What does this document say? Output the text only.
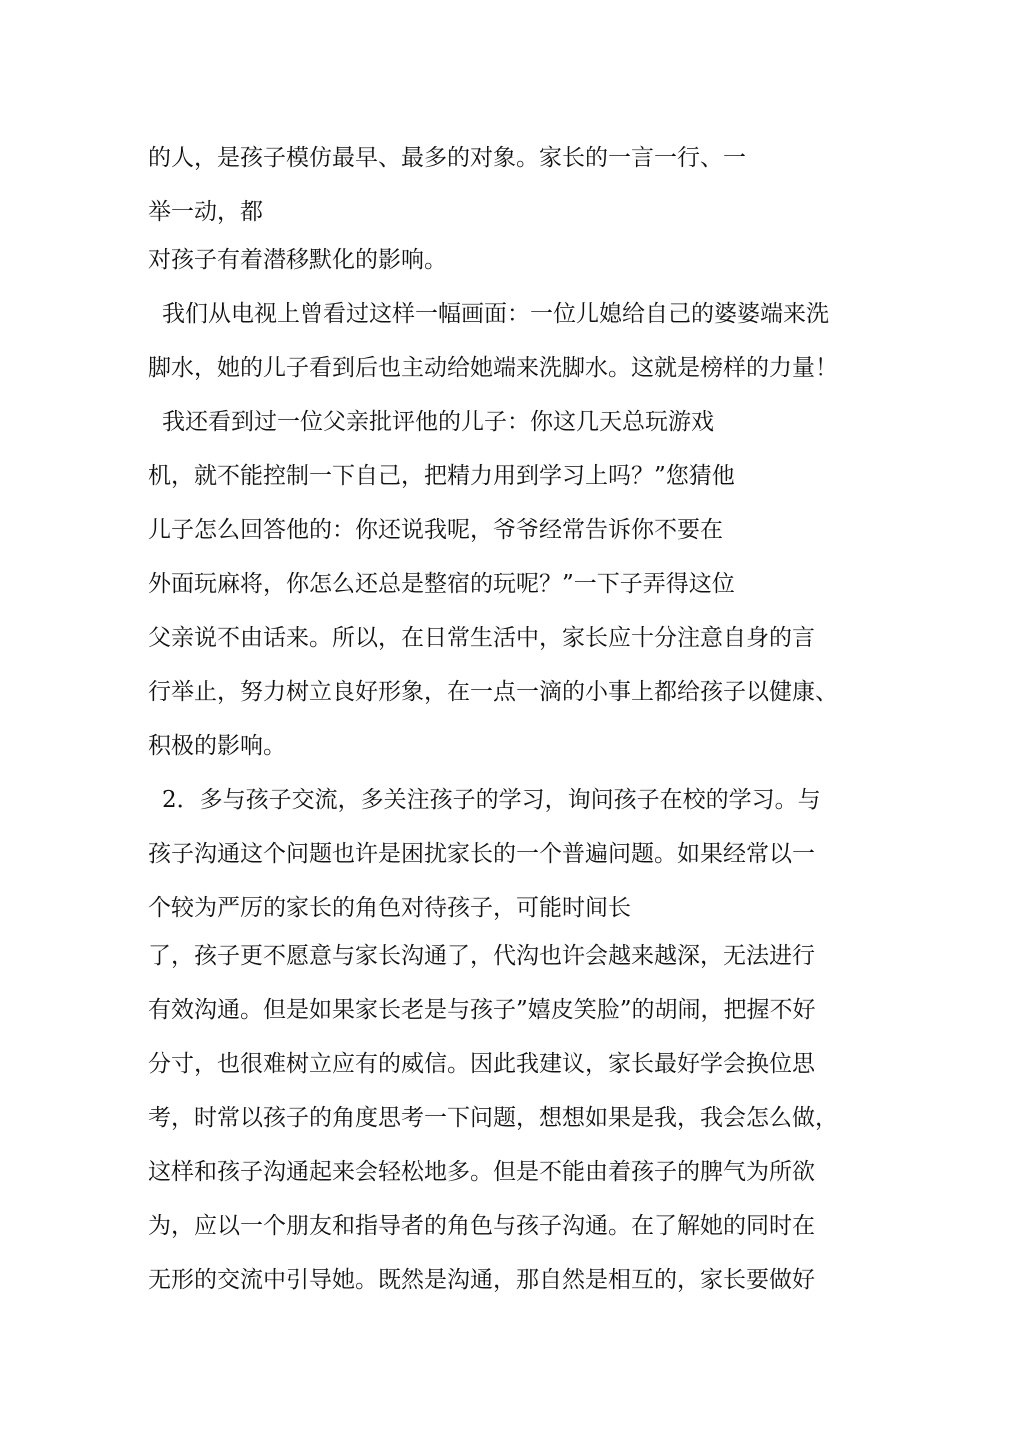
的人，是孩子模仿最早、最多的对象。家长的一言一行、一
举一动，都
对孩子有着潜移默化的影响。
我们从电视上曾看过这样一幅画面：一位儿媳给自己的婆婆端来洗
脚水，她的儿子看到后也主动给她端来洗脚水。这就是榜样的力量！
我还看到过一位父亲批评他的儿子：你这几天总玩游戏
机，就不能控制一下自己，把精力用到学习上吗？”您猜他
儿子怎么回答他的：你还说我呢，爷爷经常告诉你不要在
外面玩麻将，你怎么还总是整宿的玩呢？”一下子弄得这位
父亲说不由话来。所以，在日常生活中，家长应十分注意自身的言
行举止，努力树立良好形象，在一点一滴的小事上都给孩子以健康、
积极的影响。
2．多与孩子交流，多关注孩子的学习，询问孩子在校的学习。与
孩子沟通这个问题也许是困扰家长的一个普遍问题。如果经常以一
个较为严厉的家长的角色对待孩子，可能时间长
了，孩子更不愿意与家长沟通了，代沟也许会越来越深，无法进行
有效沟通。但是如果家长老是与孩子”嬉皮笑脸”的胡闹，把握不好
分寸，也很难树立应有的威信。因此我建议，家长最好学会换位思
考，时常以孩子的角度思考一下问题，想想如果是我，我会怎么做，
这样和孩子沟通起来会轻松地多。但是不能由着孩子的脾气为所欲
为，应以一个朋友和指导者的角色与孩子沟通。在了解她的同时在
无形的交流中引导她。既然是沟通，那自然是相互的，家长要做好
